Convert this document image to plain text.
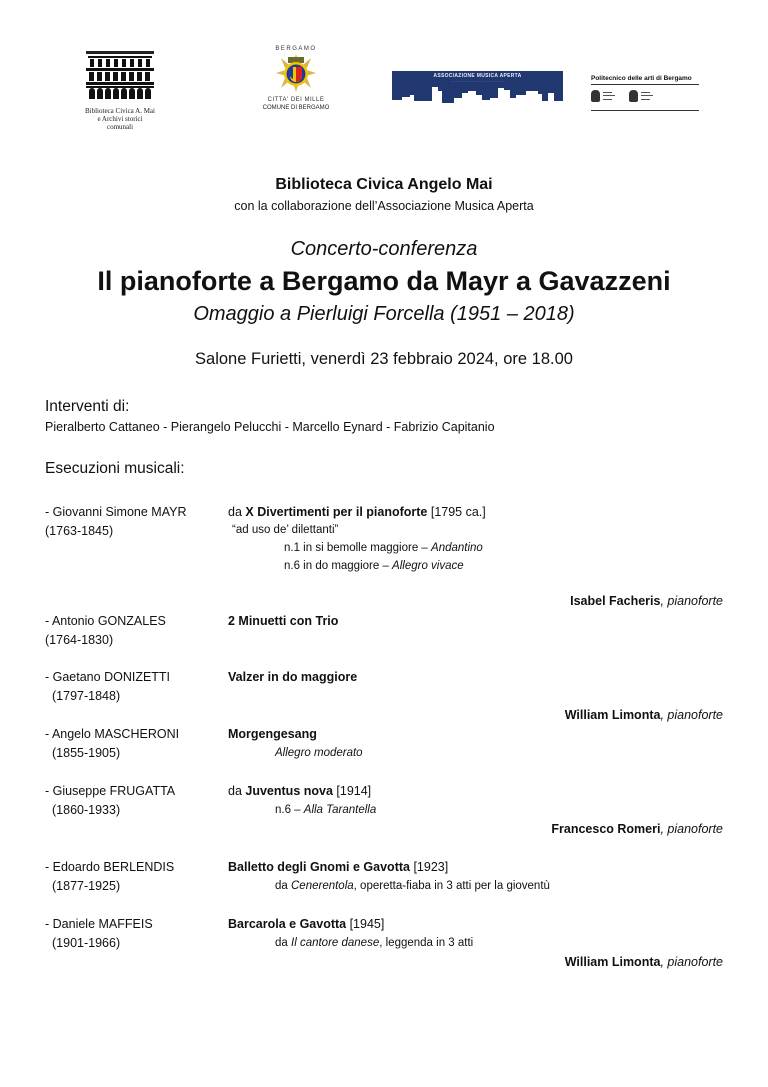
Biblioteca Civica A. Mai
e Archivi storici comunali
BERGAMO
CITTA' DEI MILLE
COMUNE DI BERGAMO
ASSOCIAZIONE MUSICA APERTA
· · · · · · · · · · · · · · · · · · · · · · · · ·	Politecnico delle arti di Bergamo
▬▬▬
▬▬▬▬
▬▬▬
▬▬▬
▬▬▬▬
▬▬▬
Biblioteca Civica Angelo Mai
con la collaborazione dell’Associazione Musica Aperta
Concerto-conferenza
Il pianoforte a Bergamo da Mayr a Gavazzeni
Omaggio a Pierluigi Forcella (1951 – 2018)
Salone Furietti, venerdì 23 febbraio 2024, ore 18.00
Interventi di:
Pieralberto Cattaneo - Pierangelo Pelucchi - Marcello Eynard - Fabrizio Capitanio
Esecuzioni musicali:
- Giovanni Simone MAYR
(1763-1845)
da X Divertimenti per il pianoforte [1795 ca.]
“ad uso de’ dilettanti”
n.1 in si bemolle maggiore – Andantino
n.6 in do maggiore – Allegro vivace
Isabel Facheris, pianoforte
- Antonio GONZALES
(1764-1830)
2 Minuetti con Trio
- Gaetano DONIZETTI
(1797-1848)
Valzer in do maggiore
William Limonta, pianoforte
- Angelo MASCHERONI
(1855-1905)
Morgengesang
Allegro moderato
- Giuseppe FRUGATTA
(1860-1933)
da Juventus nova [1914]
n.6 – Alla Tarantella
Francesco Romeri, pianoforte
- Edoardo BERLENDIS
(1877-1925)
Balletto degli Gnomi e Gavotta [1923]
da Cenerentola, operetta-fiaba in 3 atti per la gioventù
- Daniele MAFFEIS
(1901-1966)
Barcarola e Gavotta [1945]
da Il cantore danese, leggenda in 3 atti
William Limonta, pianoforte
